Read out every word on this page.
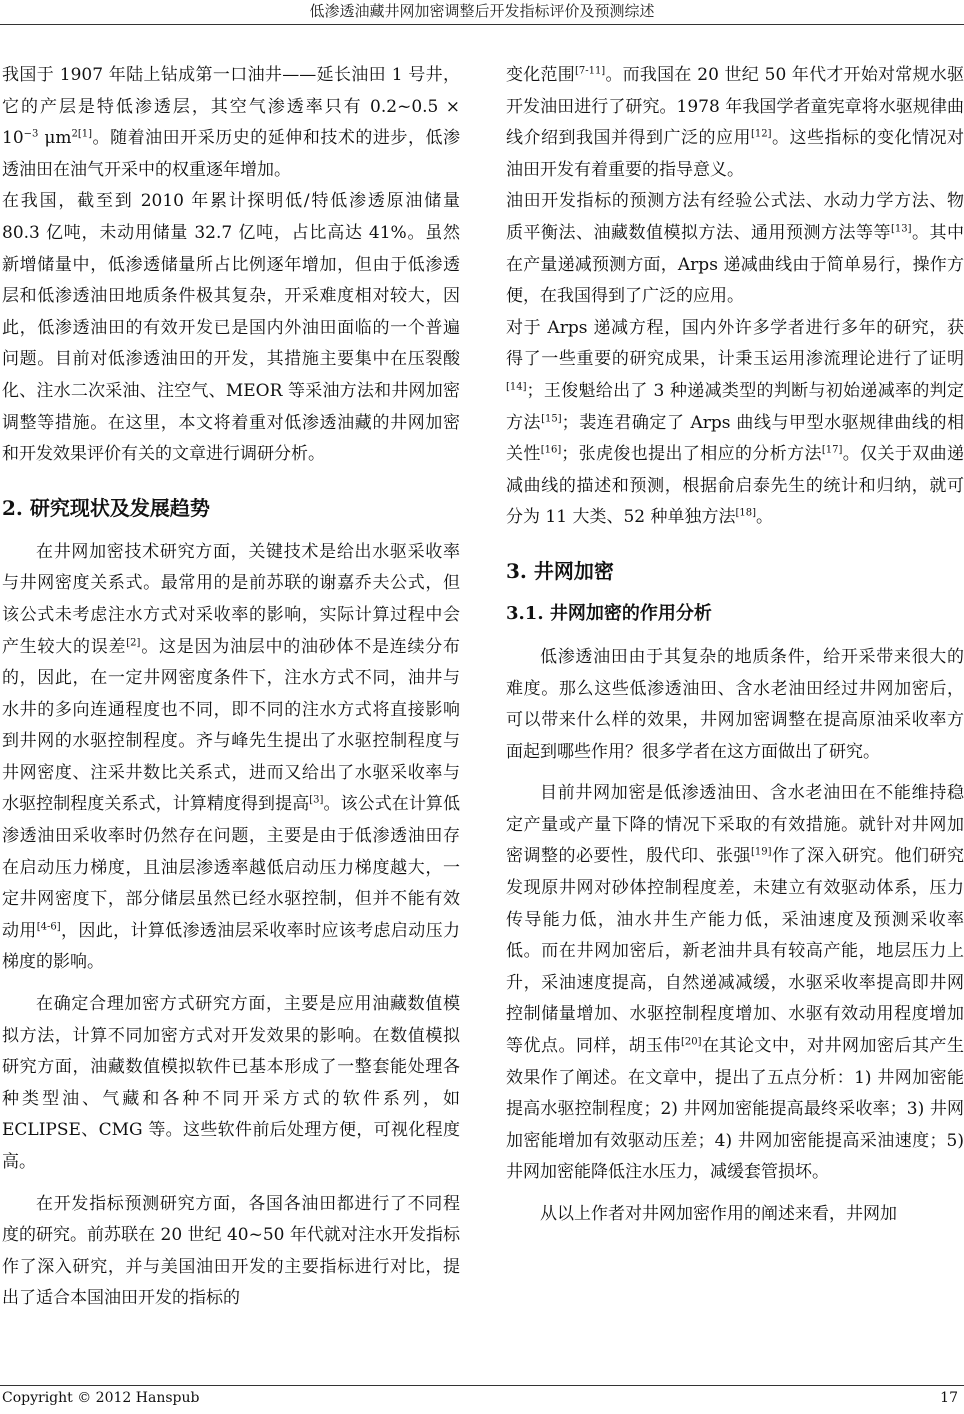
低渗透油藏井网加密调整后开发指标评价及预测综述

我国于 1907 年陆上钻成第一口油井——延长油田 1 号井，它的产层是特低渗透层，其空气渗透率只有 0.2~0.5 × $10^{-3}$ $\mu m^{2[1]}$。随着油田开采历史的延伸和技术的进步，低渗透油田在油气开采中的权重逐年增加。

在我国，截至到 2010 年累计探明低/特低渗透原油储量 80.3 亿吨，未动用储量 32.7 亿吨，占比高达 41%。虽然新增储量中，低渗透储量所占比例逐年增加，但由于低渗透层和低渗透油田地质条件极其复杂，开采难度相对较大，因此，低渗透油田的有效开发已是国内外油田面临的一个普遍问题。目前对低渗透油田的开发，其措施主要集中在压裂酸化、注水二次采油、注空气、MEOR 等采油方法和井网加密调整等措施。在这里，本文将着重对低渗透油藏的井网加密和开发效果评价有关的文章进行调研分析。

2. 研究现状及发展趋势

在井网加密技术研究方面，关键技术是给出水驱采收率与井网密度关系式。最常用的是前苏联的谢嘉乔夫公式，但该公式未考虑注水方式对采收率的影响，实际计算过程中会产生较大的误差[2]。这是因为油层中的油砂体不是连续分布的，因此，在一定井网密度条件下，注水方式不同，油井与水井的多向连通程度也不同，即不同的注水方式将直接影响到井网的水驱控制程度。齐与峰先生提出了水驱控制程度与井网密度、注采井数比关系式，进而又给出了水驱采收率与水驱控制程度关系式，计算精度得到提高[3]。该公式在计算低渗透油田采收率时仍然存在问题，主要是由于低渗透油田存在启动压力梯度，且油层渗透率越低启动压力梯度越大，一定井网密度下，部分储层虽然已经水驱控制，但并不能有效动用[4-6]，因此，计算低渗透油层采收率时应该考虑启动压力梯度的影响。

在确定合理加密方式研究方面，主要是应用油藏数值模拟方法，计算不同加密方式对开发效果的影响。在数值模拟研究方面，油藏数值模拟软件已基本形成了一整套能处理各种类型油、气藏和各种不同开采方式的软件系列，如 ECLIPSE、CMG 等。这些软件前后处理方便，可视化程度高。

在开发指标预测研究方面，各国各油田都进行了不同程度的研究。前苏联在 20 世纪 40~50 年代就对注水开发指标作了深入研究，并与美国油田开发的主要指标进行对比，提出了适合本国油田开发的指标的

变化范围[7-11]。而我国在 20 世纪 50 年代才开始对常规水驱开发油田进行了研究。1978 年我国学者童宪章将水驱规律曲线介绍到我国并得到广泛的应用[12]。这些指标的变化情况对油田开发有着重要的指导意义。

油田开发指标的预测方法有经验公式法、水动力学方法、物质平衡法、油藏数值模拟方法、通用预测方法等等[13]。其中在产量递减预测方面，Arps 递减曲线由于简单易行，操作方便，在我国得到了广泛的应用。

对于 Arps 递减方程，国内外许多学者进行多年的研究，获得了一些重要的研究成果，计秉玉运用渗流理论进行了证明[14]；王俊魁给出了 3 种递减类型的判断与初始递减率的判定方法[15]；裴连君确定了 Arps 曲线与甲型水驱规律曲线的相关性[16]；张虎俊也提出了相应的分析方法[17]。仅关于双曲递减曲线的描述和预测，根据俞启泰先生的统计和归纳，就可分为 11 大类、52 种单独方法[18]。

3. 井网加密
3.1. 井网加密的作用分析

低渗透油田由于其复杂的地质条件，给开采带来很大的难度。那么这些低渗透油田、含水老油田经过井网加密后，可以带来什么样的效果，井网加密调整在提高原油采收率方面起到哪些作用？很多学者在这方面做出了研究。

目前井网加密是低渗透油田、含水老油田在不能维持稳定产量或产量下降的情况下采取的有效措施。就针对井网加密调整的必要性，殷代印、张强[19]作了深入研究。他们研究发现原井网对砂体控制程度差，未建立有效驱动体系，压力传导能力低，油水井生产能力低，采油速度及预测采收率低。而在井网加密后，新老油井具有较高产能，地层压力上升，采油速度提高，自然递减减缓，水驱采收率提高即井网控制储量增加、水驱控制程度增加、水驱有效动用程度增加等优点。同样，胡玉伟[20]在其论文中，对井网加密后其产生效果作了阐述。在文章中，提出了五点分析：1) 井网加密能提高水驱控制程度；2) 井网加密能提高最终采收率；3) 井网加密能增加有效驱动压差；4) 井网加密能提高采油速度；5) 井网加密能降低注水压力，减缓套管损坏。

从以上作者对井网加密作用的阐述来看，井网加

Copyright © 2012 Hanspub	17
